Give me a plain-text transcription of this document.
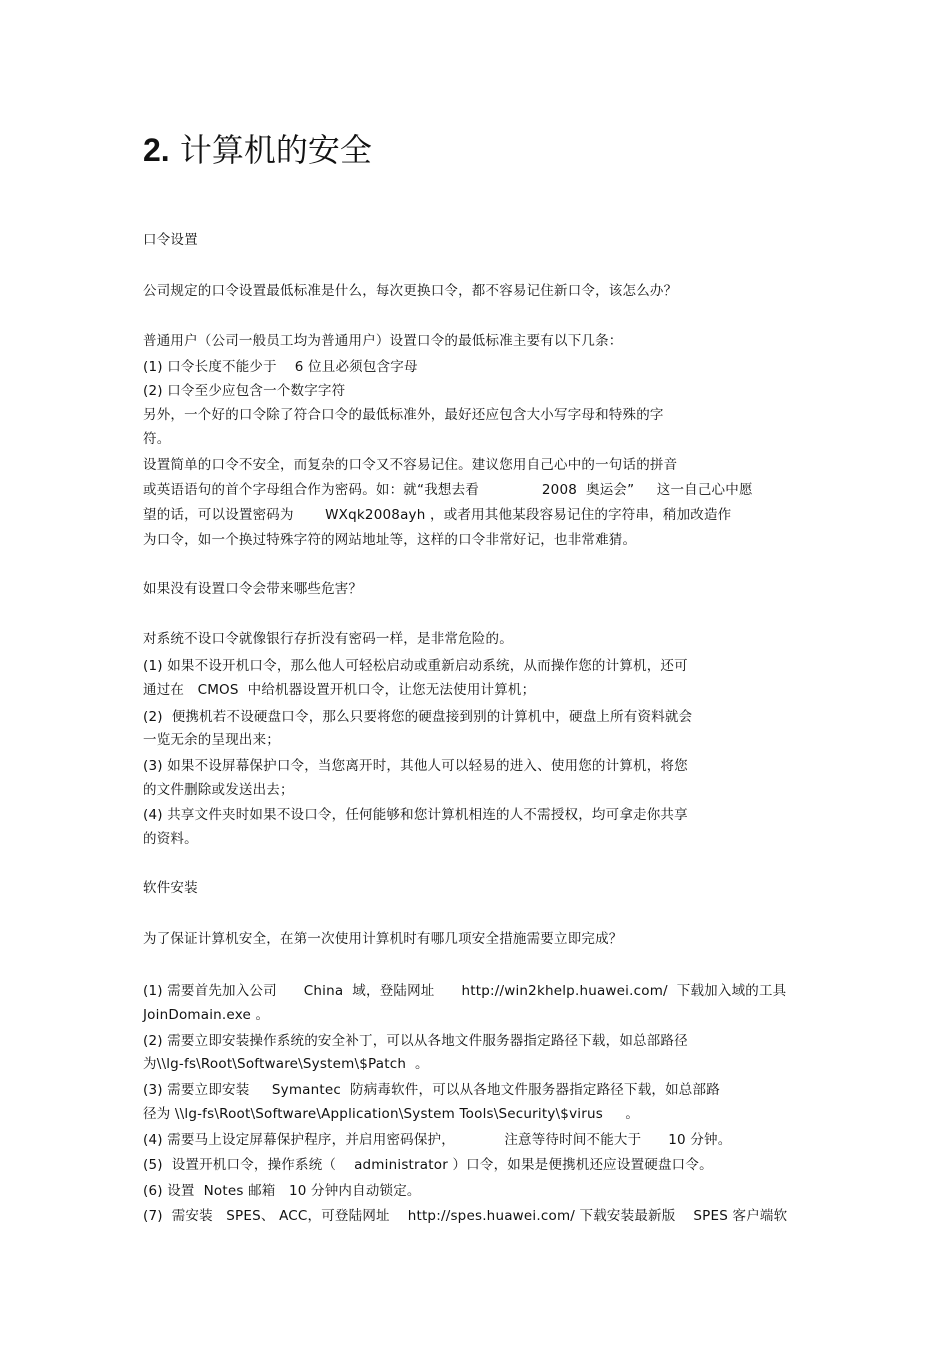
2. 计算机的安全
口令设置
公司规定的口令设置最低标准是什么，每次更换口令，都不容易记住新口令，该怎么办？
普通用户（公司一般员工均为普通用户）设置口令的最低标准主要有以下几条：
(1) 口令长度不能少于    6 位且必须包含字母
(2) 口令至少应包含一个数字字符
另外，一个好的口令除了符合口令的最低标准外，最好还应包含大小写字母和特殊的字
符。
设置简单的口令不安全，而复杂的口令又不容易记住。建议您用自己心中的一句话的拼音
或英语语句的首个字母组合作为密码。如：就“我想去看              2008  奥运会”     这一自己心中愿
望的话，可以设置密码为       WXqk2008ayh ，或者用其他某段容易记住的字符串，稍加改造作
为口令，如一个换过特殊字符的网站地址等，这样的口令非常好记，也非常难猜。
如果没有设置口令会带来哪些危害？
对系统不设口令就像银行存折没有密码一样，是非常危险的。
(1) 如果不设开机口令，那么他人可轻松启动或重新启动系统，从而操作您的计算机，还可
通过在   CMOS  中给机器设置开机口令，让您无法使用计算机；
(2)  便携机若不设硬盘口令，那么只要将您的硬盘接到别的计算机中，硬盘上所有资料就会
一览无余的呈现出来；
(3) 如果不设屏幕保护口令，当您离开时，其他人可以轻易的进入、使用您的计算机，将您
的文件删除或发送出去；
(4) 共享文件夹时如果不设口令，任何能够和您计算机相连的人不需授权，均可拿走你共享
的资料。
软件安装
为了保证计算机安全，在第一次使用计算机时有哪几项安全措施需要立即完成？
(1) 需要首先加入公司      China  域，登陆网址      http://win2khelp.huawei.com/  下载加入域的工具
JoinDomain.exe 。
(2) 需要立即安装操作系统的安全补丁，可以从各地文件服务器指定路径下载，如总部路径
为\\lg-fs\Root\Software\System\$Patch  。
(3) 需要立即安装     Symantec  防病毒软件，可以从各地文件服务器指定路径下载，如总部路
径为 \\lg-fs\Root\Software\Application\System Tools\Security\$virus     。
(4) 需要马上设定屏幕保护程序，并启用密码保护，           注意等待时间不能大于      10 分钟。
(5)  设置开机口令，操作系统（    administrator ）口令，如果是便携机还应设置硬盘口令。
(6) 设置  Notes 邮箱   10 分钟内自动锁定。
(7)  需安装   SPES、 ACC，可登陆网址    http://spes.huawei.com/ 下载安装最新版    SPES 客户端软
